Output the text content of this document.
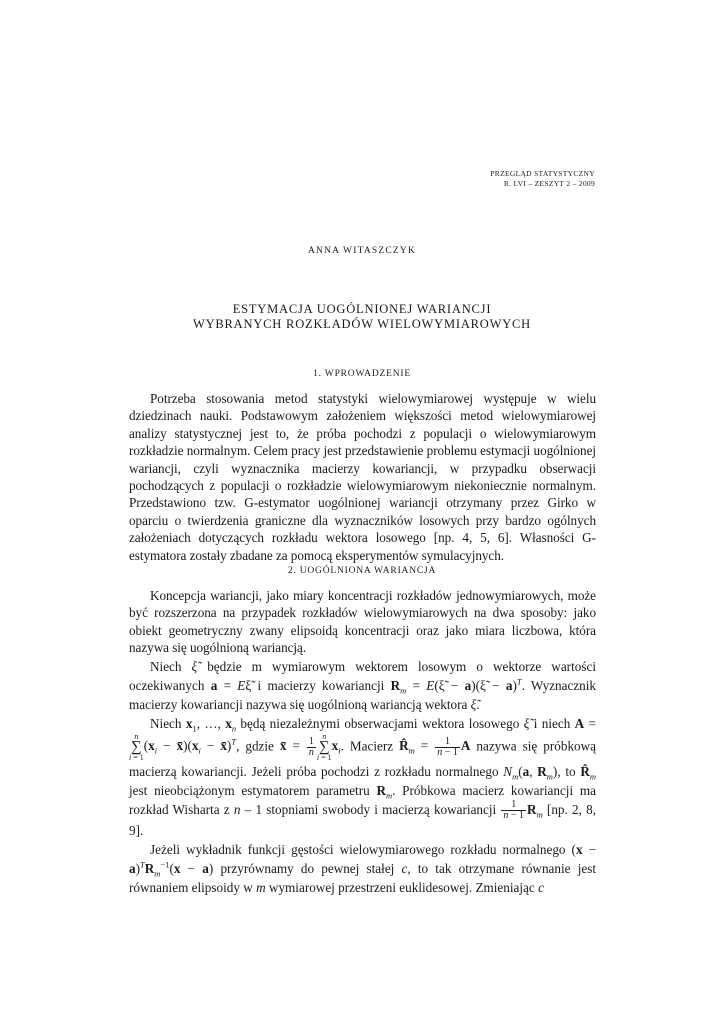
PRZEGLĄD STATYSTYCZNY
R. LVI – ZESZYT 2 – 2009
ANNA WITASZCZYK
ESTYMACJA UOGÓLNIONEJ WARIANCJI
WYBRANYCH ROZKŁADÓW WIELOWYMIAROWYCH
1. WPROWADZENIE

Potrzeba stosowania metod statystyki wielowymiarowej występuje w wielu dziedzinach nauki. Podstawowym założeniem większości metod wielowymiarowej analizy statystycznej jest to, że próba pochodzi z populacji o wielowymiarowym rozkładzie normalnym. Celem pracy jest przedstawienie problemu estymacji uogólnionej wariancji, czyli wyznacznika macierzy kowariancji, w przypadku obserwacji pochodzących z populacji o rozkładzie wielowymiarowym niekoniecznie normalnym. Przedstawiono tzw. G-estymator uogólnionej wariancji otrzymany przez Girko w oparciu o twierdzenia graniczne dla wyznaczników losowych przy bardzo ogólnych założeniach dotyczących rozkładu wektora losowego [np. 4, 5, 6]. Własności G-estymatora zostały zbadane za pomocą eksperymentów symulacyjnych.

2. UOGÓLNIONA WARIANCJA

Koncepcja wariancji, jako miary koncentracji rozkładów jednowymiarowych, może być rozszerzona na przypadek rozkładów wielowymiarowych na dwa sposoby: jako obiekt geometryczny zwany elipsoidą koncentracji oraz jako miara liczbowa, która nazywa się uogólnioną wariancją.

Niech ξ̃ będzie m wymiarowym wektorem losowym o wektorze wartości oczekiwanych a = Eξ̃ i macierzy kowariancji $R_m$ = E(ξ̃ − a)(ξ̃ − a)$^T$. Wyznacznik macierzy kowariancji nazywa się uogólnioną wariancją wektora ξ̃.

Niech $x_1$, …, $x_n$ będą niezależnymi obserwacjami wektora losowego ξ̃ i niech A = n
∑
$i = 1(x_i$ − $x̄)(x_i$ − x̄)$^T$, gdzie x̄ = $\frac{1}{n}$
n
∑
$i = 1x_i$. Macierz $R̂_m = \frac{1}{n - 1}$ A nazywa się próbkową macierzą kowariancji. Jeżeli próba pochodzi z rozkładu normalnego $N_m(a$, $R_m$), to $R̂_m$ jest nieobciążonym estymatorem parametru $R_m$. Próbkowa macierz kowariancji ma rozkład Wisharta z n – 1 stopniami swobody i macierzą kowariancji $\frac{1}{n - 1} R_m$ [np. 2, 8, 9].

Jeżeli wykładnik funkcji gęstości wielowymiarowego rozkładu normalnego $(x - a)^TR_m^{-1}(x - a)$ przyrównamy do pewnej stałej c, to tak otrzymane równanie jest równaniem elipsoidy w m wymiarowej przestrzeni euklidesowej. Zmieniając c
